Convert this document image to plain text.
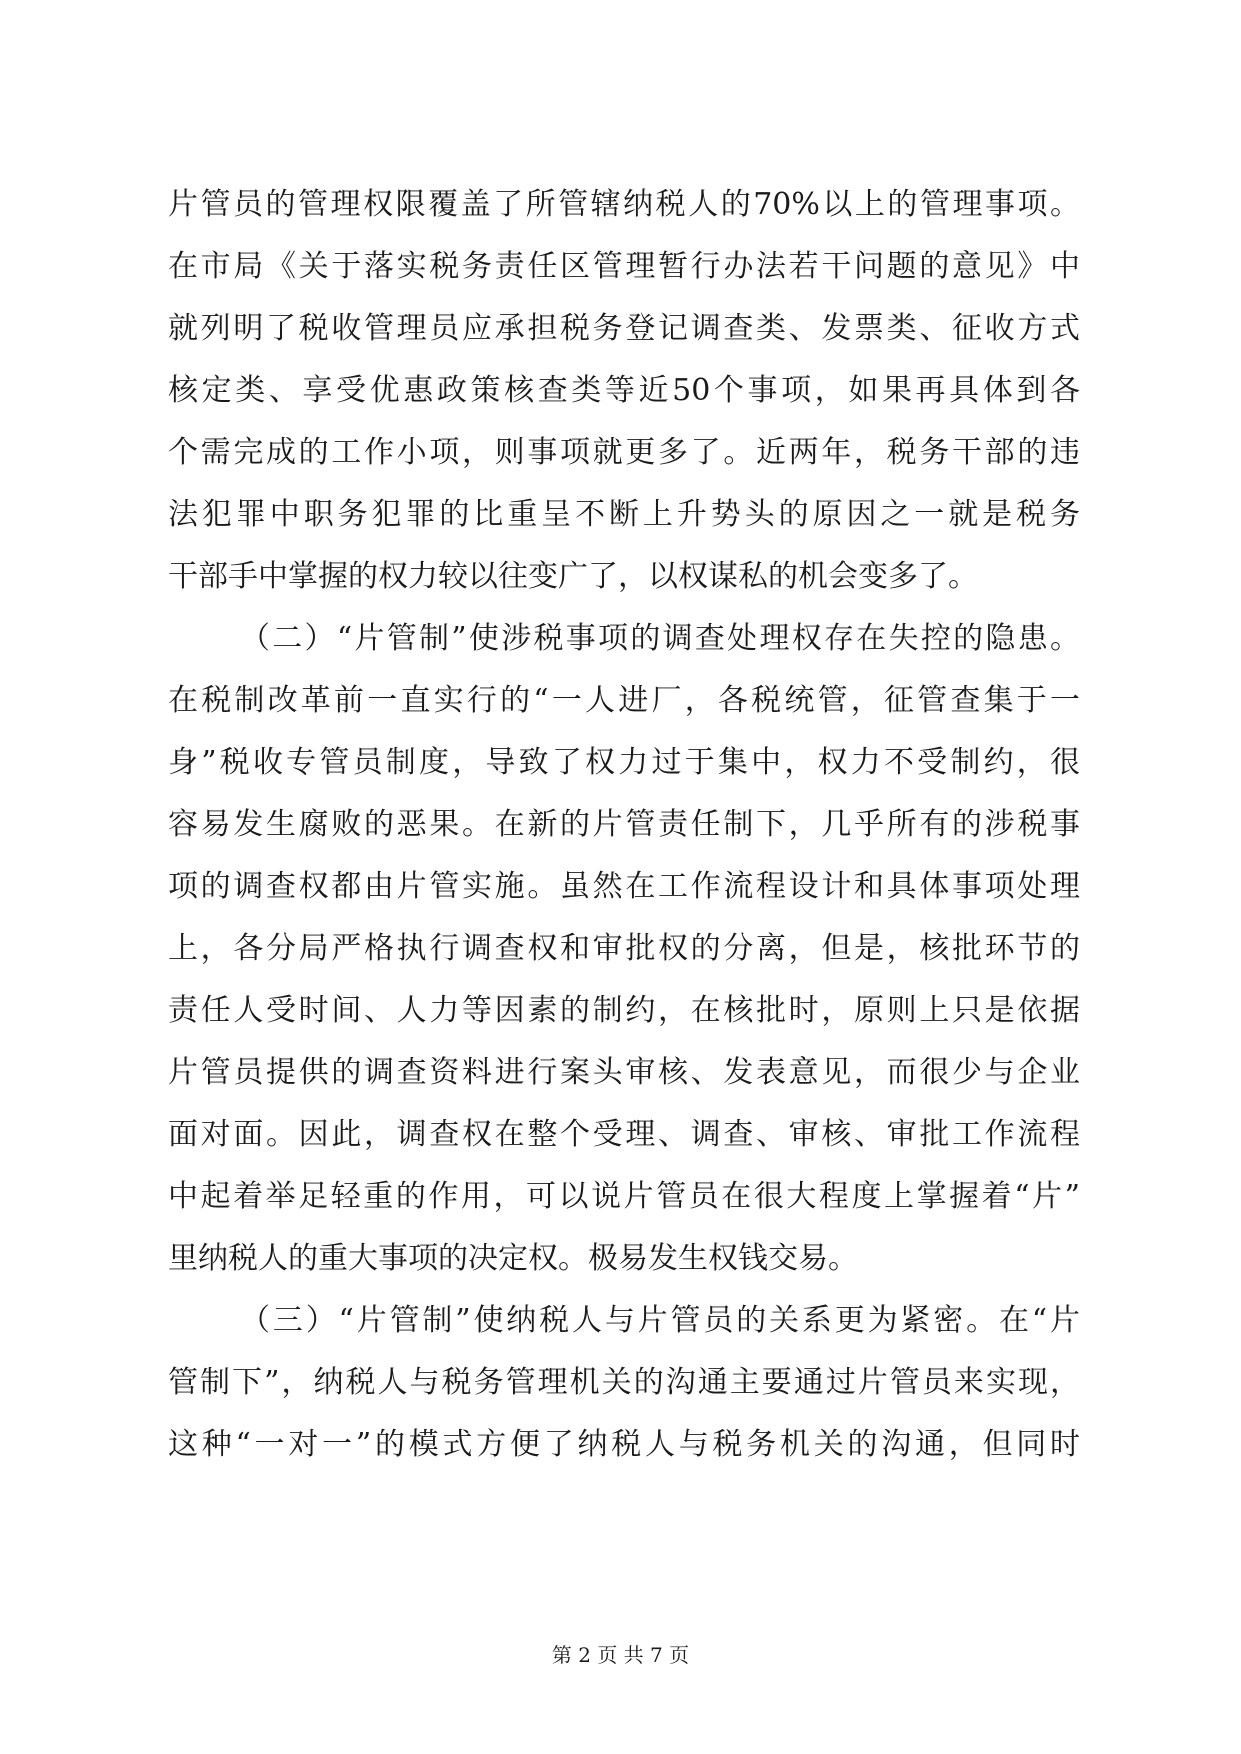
片管员的管理权限覆盖了所管辖纳税人的70%以上的管理事项。
在市局《关于落实税务责任区管理暂行办法若干问题的意见》中
就列明了税收管理员应承担税务登记调查类、发票类、征收方式
核定类、享受优惠政策核查类等近50个事项，如果再具体到各
个需完成的工作小项，则事项就更多了。近两年，税务干部的违
法犯罪中职务犯罪的比重呈不断上升势头的原因之一就是税务
干部手中掌握的权力较以往变广了，以权谋私的机会变多了。
（二）“片管制”使涉税事项的调查处理权存在失控的隐患。
在税制改革前一直实行的“一人进厂，各税统管，征管查集于一
身”税收专管员制度，导致了权力过于集中，权力不受制约，很
容易发生腐败的恶果。在新的片管责任制下，几乎所有的涉税事
项的调查权都由片管实施。虽然在工作流程设计和具体事项处理
上，各分局严格执行调查权和审批权的分离，但是，核批环节的
责任人受时间、人力等因素的制约，在核批时，原则上只是依据
片管员提供的调查资料进行案头审核、发表意见，而很少与企业
面对面。因此，调查权在整个受理、调查、审核、审批工作流程
中起着举足轻重的作用，可以说片管员在很大程度上掌握着“片”
里纳税人的重大事项的决定权。极易发生权钱交易。
（三）“片管制”使纳税人与片管员的关系更为紧密。在“片
管制下”，纳税人与税务管理机关的沟通主要通过片管员来实现，
这种“一对一”的模式方便了纳税人与税务机关的沟通，但同时
第 2 页 共 7 页
